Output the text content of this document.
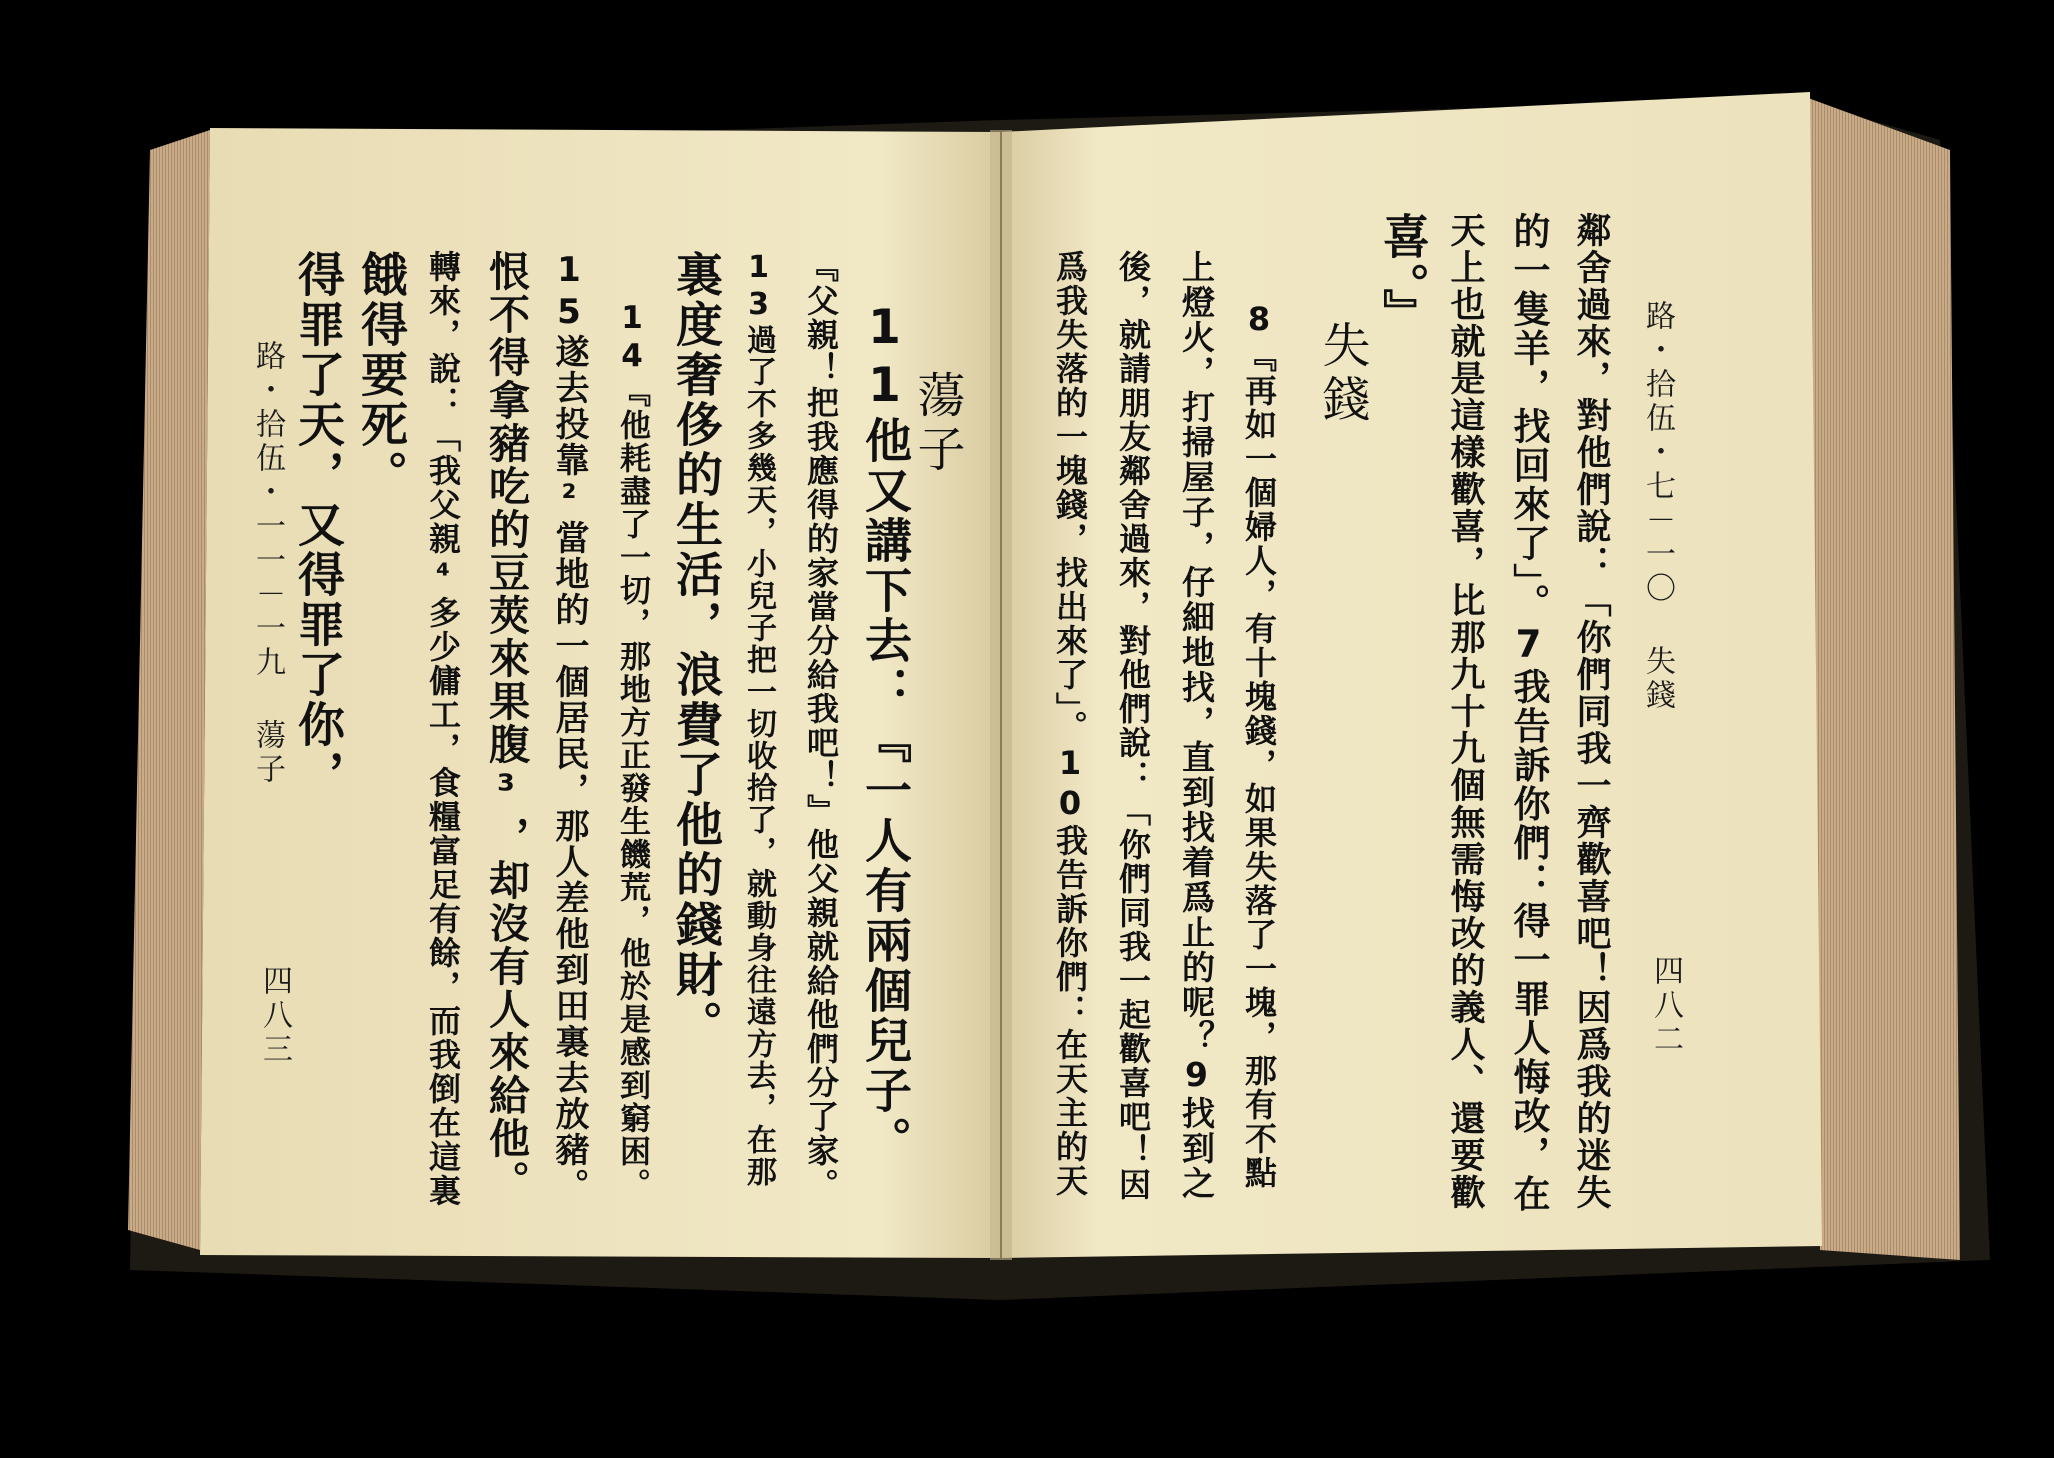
路・拾伍・七－一〇 失錢
四八二
鄰舍過來，對他們說：「你們同我一齊歡喜吧！因爲我的迷失
的一隻羊，找回來了」。7我告訴你們：得一罪人悔改，在
天上也就是這樣歡喜，比那九十九個無需悔改的義人、還要歡
喜。』
失錢
8『再如一個婦人，有十塊錢，如果失落了一塊，那有不點
上燈火，打掃屋子，仔細地找，直到找着爲止的呢？9找到之
後，就請朋友鄰舍過來，對他們說：「你們同我一起歡喜吧！因
爲我失落的一塊錢，找出來了」。10我告訴你們：在天主的天
蕩子
11他又講下去：『一人有兩個兒子。
『父親！把我應得的家當分給我吧！』他父親就給他們分了家。
13過了不多幾天，小兒子把一切收拾了，就動身往遠方去，在那
裏度奢侈的生活，浪費了他的錢財。
14『他耗盡了一切，那地方正發生饑荒，他於是感到窮困。
15遂去投靠²當地的一個居民，那人差他到田裏去放豬。
恨不得拿豬吃的豆莢來果腹³，却沒有人來給他。
轉來，說：「我父親⁴多少傭工，食糧富足有餘，而我倒在這裏
餓得要死。
得罪了天，又得罪了你，
路・拾伍・一一－一九 蕩子
四八三
